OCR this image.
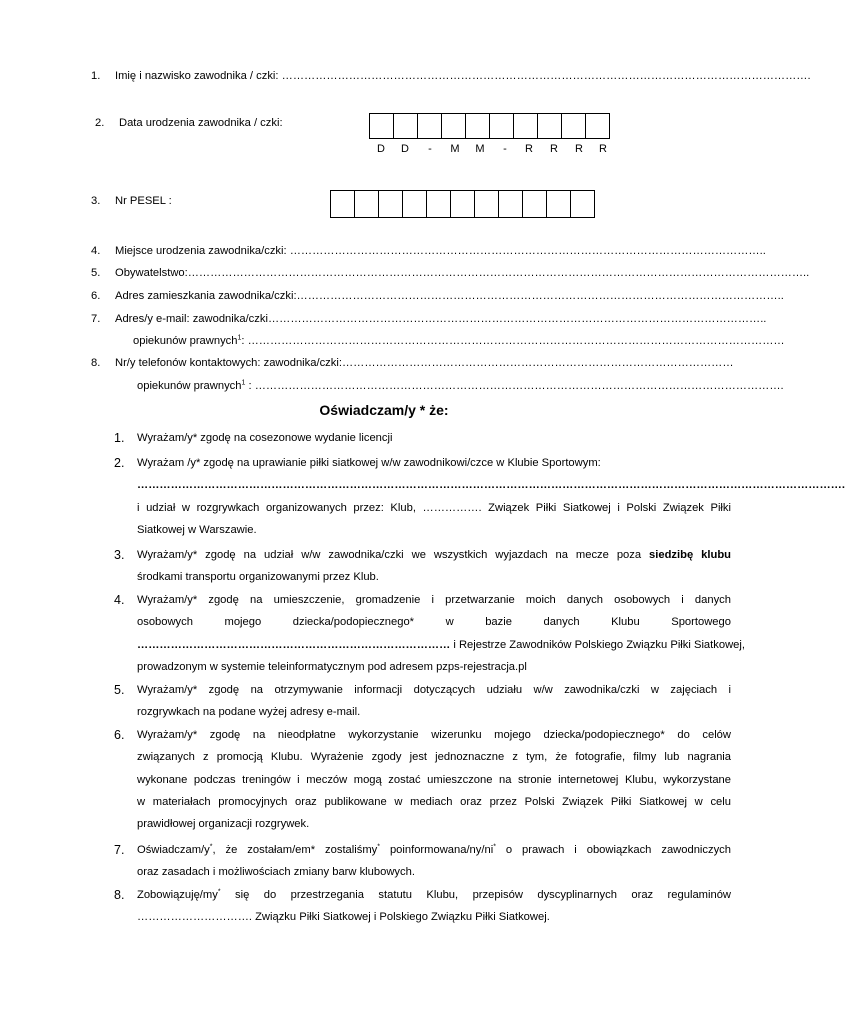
1. Imię i nazwisko zawodnika / czki: …………………………………………………………………………………………………………………………….
2. Data urodzenia zawodnika / czki:
D D - M M - R R R R
3. Nr PESEL :
4. Miejsce urodzenia zawodnika/czki: ………………………………………………………………………………………………………………..
5. Obywatelstwo:…………………………………………………………………………………………………………………………………………………..
6. Adres zamieszkania zawodnika/czki:…………………………………………………………………………………………………………………..
7. Adres/y e-mail: zawodnika/czki……………………………………………………………………………………………………………………..
opiekunów prawnych$^1$: ………………………………………………………………………………………………………………………………
8. Nr/y telefonów kontaktowych: zawodnika/czki:……………………………………………………………………………………………
opiekunów prawnych$^1$ : …………………………………………………………………………………………………………………………….
Oświadczam/y * że:
1. Wyrażam/y* zgodę na cosezonowe wydanie licencji
2. Wyrażam /y* zgodę na uprawianie piłki siatkowej w/w zawodnikowi/czce w Klubie Sportowym:
……………………………………………………………………………………………………………………………………………………………………….
i udział w rozgrywkach organizowanych przez: Klub, ……………. Związek Piłki Siatkowej i Polski Związek Piłki
Siatkowej w Warszawie.
3. Wyrażam/y* zgodę na udział w/w zawodnika/czki we wszystkich wyjazdach na mecze poza siedzibę klubu
środkami transportu organizowanymi przez Klub.
4. Wyrażam/y* zgodę na umieszczenie, gromadzenie i przetwarzanie moich danych osobowych i danych
osobowych	mojego	dziecka/podopiecznego*	w	bazie	danych	Klubu	Sportowego
………………………………………………………………………… i Rejestrze Zawodników Polskiego Związku Piłki Siatkowej,
prowadzonym w systemie teleinformatycznym pod adresem pzps-rejestracja.pl
5. Wyrażam/y* zgodę na otrzymywanie informacji dotyczących udziału w/w zawodnika/czki w zajęciach i
rozgrywkach na podane wyżej adresy e-mail.
6. Wyrażam/y* zgodę na nieodpłatne wykorzystanie wizerunku mojego dziecka/podopiecznego* do celów
związanych z promocją Klubu. Wyrażenie zgody jest jednoznaczne z tym, że fotografie, filmy lub nagrania
wykonane podczas treningów i meczów mogą zostać umieszczone na stronie internetowej Klubu, wykorzystane
w materiałach promocyjnych oraz publikowane w mediach oraz przez Polski Związek Piłki Siatkowej w celu
prawidłowej organizacji rozgrywek.
7. Oświadczam/y*, że zostałam/em* zostaliśmy* poinformowana/ny/ni* o prawach i obowiązkach zawodniczych
oraz zasadach i możliwościach zmiany barw klubowych.
8. Zobowiązuję/my* się do przestrzegania statutu Klubu, przepisów dyscyplinarnych oraz regulaminów
…………………………. Związku Piłki Siatkowej i Polskiego Związku Piłki Siatkowej.
